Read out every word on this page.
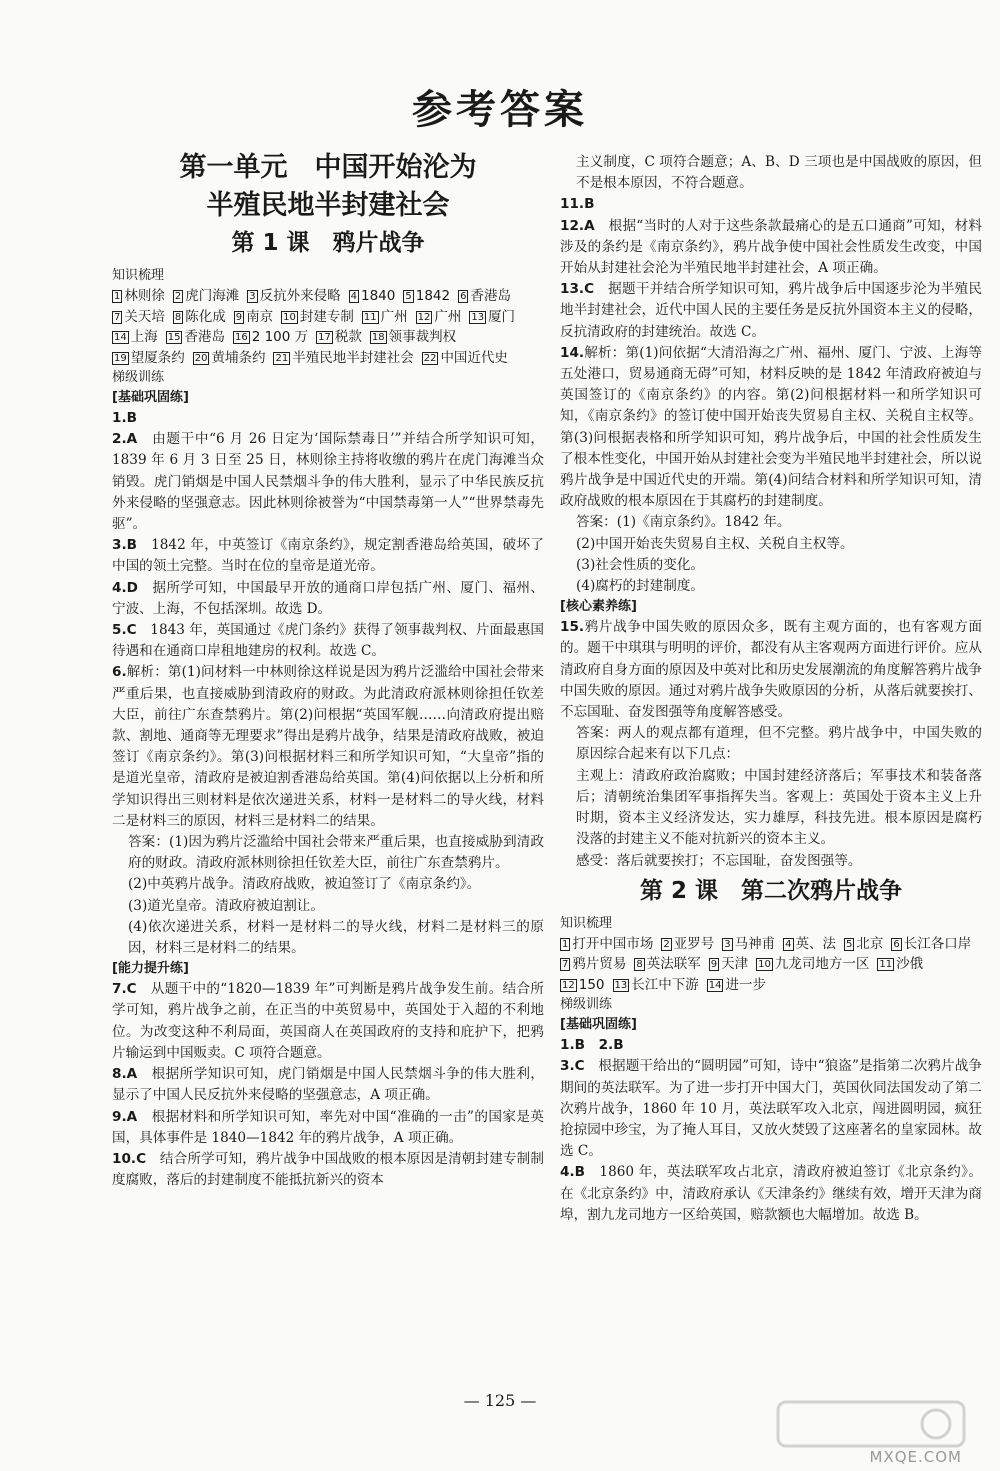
参考答案
第一单元　中国开始沦为
半殖民地半封建社会
第 1 课　鸦片战争
知识梳理
1 林则徐 2 虎门海滩 3 反抗外来侵略 4 1840 5 1842 6 香港岛7 关天培 8 陈化成 9 南京 10 封建专制 11 广州 12 广州 13 厦门14 上海 15 香港岛 16 2 100 万 17 税款 18 领事裁判权19 望厦条约 20 黄埔条约 21 半殖民地半封建社会 22 中国近代史
梯级训练
[基础巩固练]

1.B

2.A　由题干中“6 月 26 日定为‘国际禁毒日’”并结合所学知识可知，1839 年 6 月 3 日至 25 日，林则徐主持将收缴的鸦片在虎门海滩当众销毁。虎门销烟是中国人民禁烟斗争的伟大胜利，显示了中华民族反抗外来侵略的坚强意志。因此林则徐被誉为“中国禁毒第一人”“世界禁毒先驱”。

3.B　1842 年，中英签订《南京条约》，规定割香港岛给英国，破坏了中国的领土完整。当时在位的皇帝是道光帝。

4.D　据所学可知，中国最早开放的通商口岸包括广州、厦门、福州、宁波、上海，不包括深圳。故选 D。

5.C　1843 年，英国通过《虎门条约》获得了领事裁判权、片面最惠国待遇和在通商口岸租地建房的权利。故选 C。

6.解析：第(1)问材料一中林则徐这样说是因为鸦片泛滥给中国社会带来严重后果，也直接威胁到清政府的财政。为此清政府派林则徐担任钦差大臣，前往广东查禁鸦片。第(2)问根据“英国军舰……向清政府提出赔款、割地、通商等无理要求”得出是鸦片战争，结果是清政府战败，被迫签订《南京条约》。第(3)问根据材料三和所学知识可知，“大皇帝”指的是道光皇帝，清政府是被迫割香港岛给英国。第(4)问依据以上分析和所学知识得出三则材料是依次递进关系，材料一是材料二的导火线，材料二是材料三的原因，材料三是材料二的结果。

答案：(1)因为鸦片泛滥给中国社会带来严重后果，也直接威胁到清政府的财政。清政府派林则徐担任钦差大臣，前往广东查禁鸦片。

(2)中英鸦片战争。清政府战败，被迫签订了《南京条约》。

(3)道光皇帝。清政府被迫割让。

(4)依次递进关系，材料一是材料二的导火线，材料二是材料三的原因，材料三是材料二的结果。

[能力提升练]

7.C　从题干中的“1820—1839 年”可判断是鸦片战争发生前。结合所学可知，鸦片战争之前，在正当的中英贸易中，英国处于入超的不利地位。为改变这种不利局面，英国商人在英国政府的支持和庇护下，把鸦片输运到中国贩卖。C 项符合题意。

8.A　根据所学知识可知，虎门销烟是中国人民禁烟斗争的伟大胜利，显示了中国人民反抗外来侵略的坚强意志，A 项正确。

9.A　根据材料和所学知识可知，率先对中国“准确的一击”的国家是英国，具体事件是 1840—1842 年的鸦片战争，A 项正确。

10.C　结合所学可知，鸦片战争中国战败的根本原因是清朝封建专制制度腐败，落后的封建制度不能抵抗新兴的资本

主义制度，C 项符合题意；A、B、D 三项也是中国战败的原因，但不是根本原因，不符合题意。

11.B

12.A　根据“当时的人对于这些条款最痛心的是五口通商”可知，材料涉及的条约是《南京条约》，鸦片战争使中国社会性质发生改变，中国开始从封建社会沦为半殖民地半封建社会，A 项正确。

13.C　据题干并结合所学知识可知，鸦片战争后中国逐步沦为半殖民地半封建社会，近代中国人民的主要任务是反抗外国资本主义的侵略，反抗清政府的封建统治。故选 C。

14.解析：第(1)问依据“大清沿海之广州、福州、厦门、宁波、上海等五处港口，贸易通商无碍”可知，材料反映的是 1842 年清政府被迫与英国签订的《南京条约》的内容。第(2)问根据材料一和所学知识可知，《南京条约》的签订使中国开始丧失贸易自主权、关税自主权等。第(3)问根据表格和所学知识可知，鸦片战争后，中国的社会性质发生了根本性变化，中国开始从封建社会变为半殖民地半封建社会，所以说鸦片战争是中国近代史的开端。第(4)问结合材料和所学知识可知，清政府战败的根本原因在于其腐朽的封建制度。

答案：(1)《南京条约》。1842 年。

(2)中国开始丧失贸易自主权、关税自主权等。

(3)社会性质的变化。

(4)腐朽的封建制度。

[核心素养练]

15.鸦片战争中国失败的原因众多，既有主观方面的，也有客观方面的。题干中琪琪与明明的评价，都没有从主客观两方面进行评价。应从清政府自身方面的原因及中英对比和历史发展潮流的角度解答鸦片战争中国失败的原因。通过对鸦片战争失败原因的分析，从落后就要挨打、不忘国耻、奋发图强等角度解答感受。

答案：两人的观点都有道理，但不完整。鸦片战争中，中国失败的原因综合起来有以下几点：

主观上：清政府政治腐败；中国封建经济落后；军事技术和装备落后；清朝统治集团军事指挥失当。客观上：英国处于资本主义上升时期，资本主义经济发达，实力雄厚，科技先进。根本原因是腐朽没落的封建主义不能对抗新兴的资本主义。

感受：落后就要挨打；不忘国耻，奋发图强等。

第 2 课　第二次鸦片战争
知识梳理
1 打开中国市场 2 亚罗号 3 马神甫 4 英、法 5 北京 6 长江各口岸7 鸦片贸易 8 英法联军 9 天津 10 九龙司地方一区 11 沙俄12 150 13 长江中下游 14 进一步
梯级训练
[基础巩固练]

1.B　2.B

3.C　根据题干给出的“圆明园”可知，诗中“狼盗”是指第二次鸦片战争期间的英法联军。为了进一步打开中国大门，英国伙同法国发动了第二次鸦片战争，1860 年 10 月，英法联军攻入北京，闯进圆明园，疯狂抢掠园中珍宝，为了掩人耳目，又放火焚毁了这座著名的皇家园林。故选 C。

4.B　1860 年，英法联军攻占北京，清政府被迫签订《北京条约》。在《北京条约》中，清政府承认《天津条约》继续有效，增开天津为商埠，割九龙司地方一区给英国，赔款额也大幅增加。故选 B。

— 125 —
MXQE.COM
